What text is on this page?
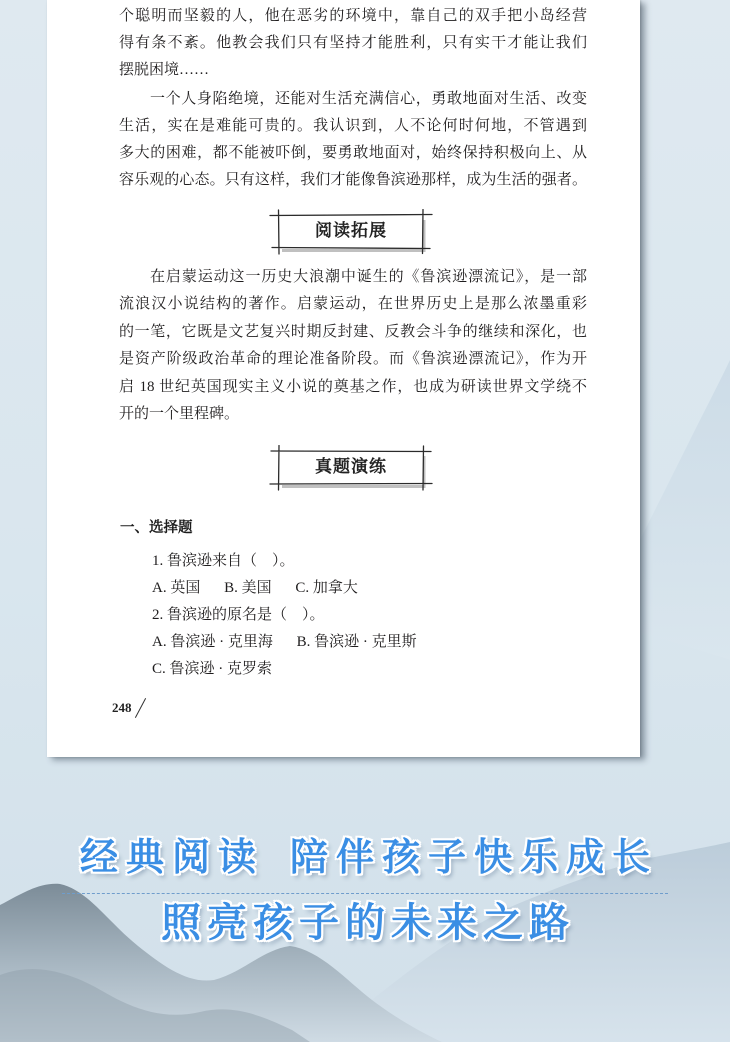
个聪明而坚毅的人，他在恶劣的环境中，靠自己的双手把小岛经营
得有条不紊。他教会我们只有坚持才能胜利，只有实干才能让我们
摆脱困境……
一个人身陷绝境，还能对生活充满信心，勇敢地面对生活、改变
生活，实在是难能可贵的。我认识到，人不论何时何地，不管遇到
多大的困难，都不能被吓倒，要勇敢地面对，始终保持积极向上、从
容乐观的心态。只有这样，我们才能像鲁滨逊那样，成为生活的强者。
阅读拓展
在启蒙运动这一历史大浪潮中诞生的《鲁滨逊漂流记》，是一部
流浪汉小说结构的著作。启蒙运动，在世界历史上是那么浓墨重彩
的一笔，它既是文艺复兴时期反封建、反教会斗争的继续和深化，也
是资产阶级政治革命的理论准备阶段。而《鲁滨逊漂流记》，作为开
启 18 世纪英国现实主义小说的奠基之作，也成为研读世界文学绕不
开的一个里程碑。
真题演练
一、选择题
1. 鲁滨逊来自（　）。
A. 英国 B. 美国 C. 加拿大
2. 鲁滨逊的原名是（　）。
A. 鲁滨逊 · 克里海 B. 鲁滨逊 · 克里斯
C. 鲁滨逊 · 克罗索
248
经典阅读 陪伴孩子快乐成长
照亮孩子的未来之路
